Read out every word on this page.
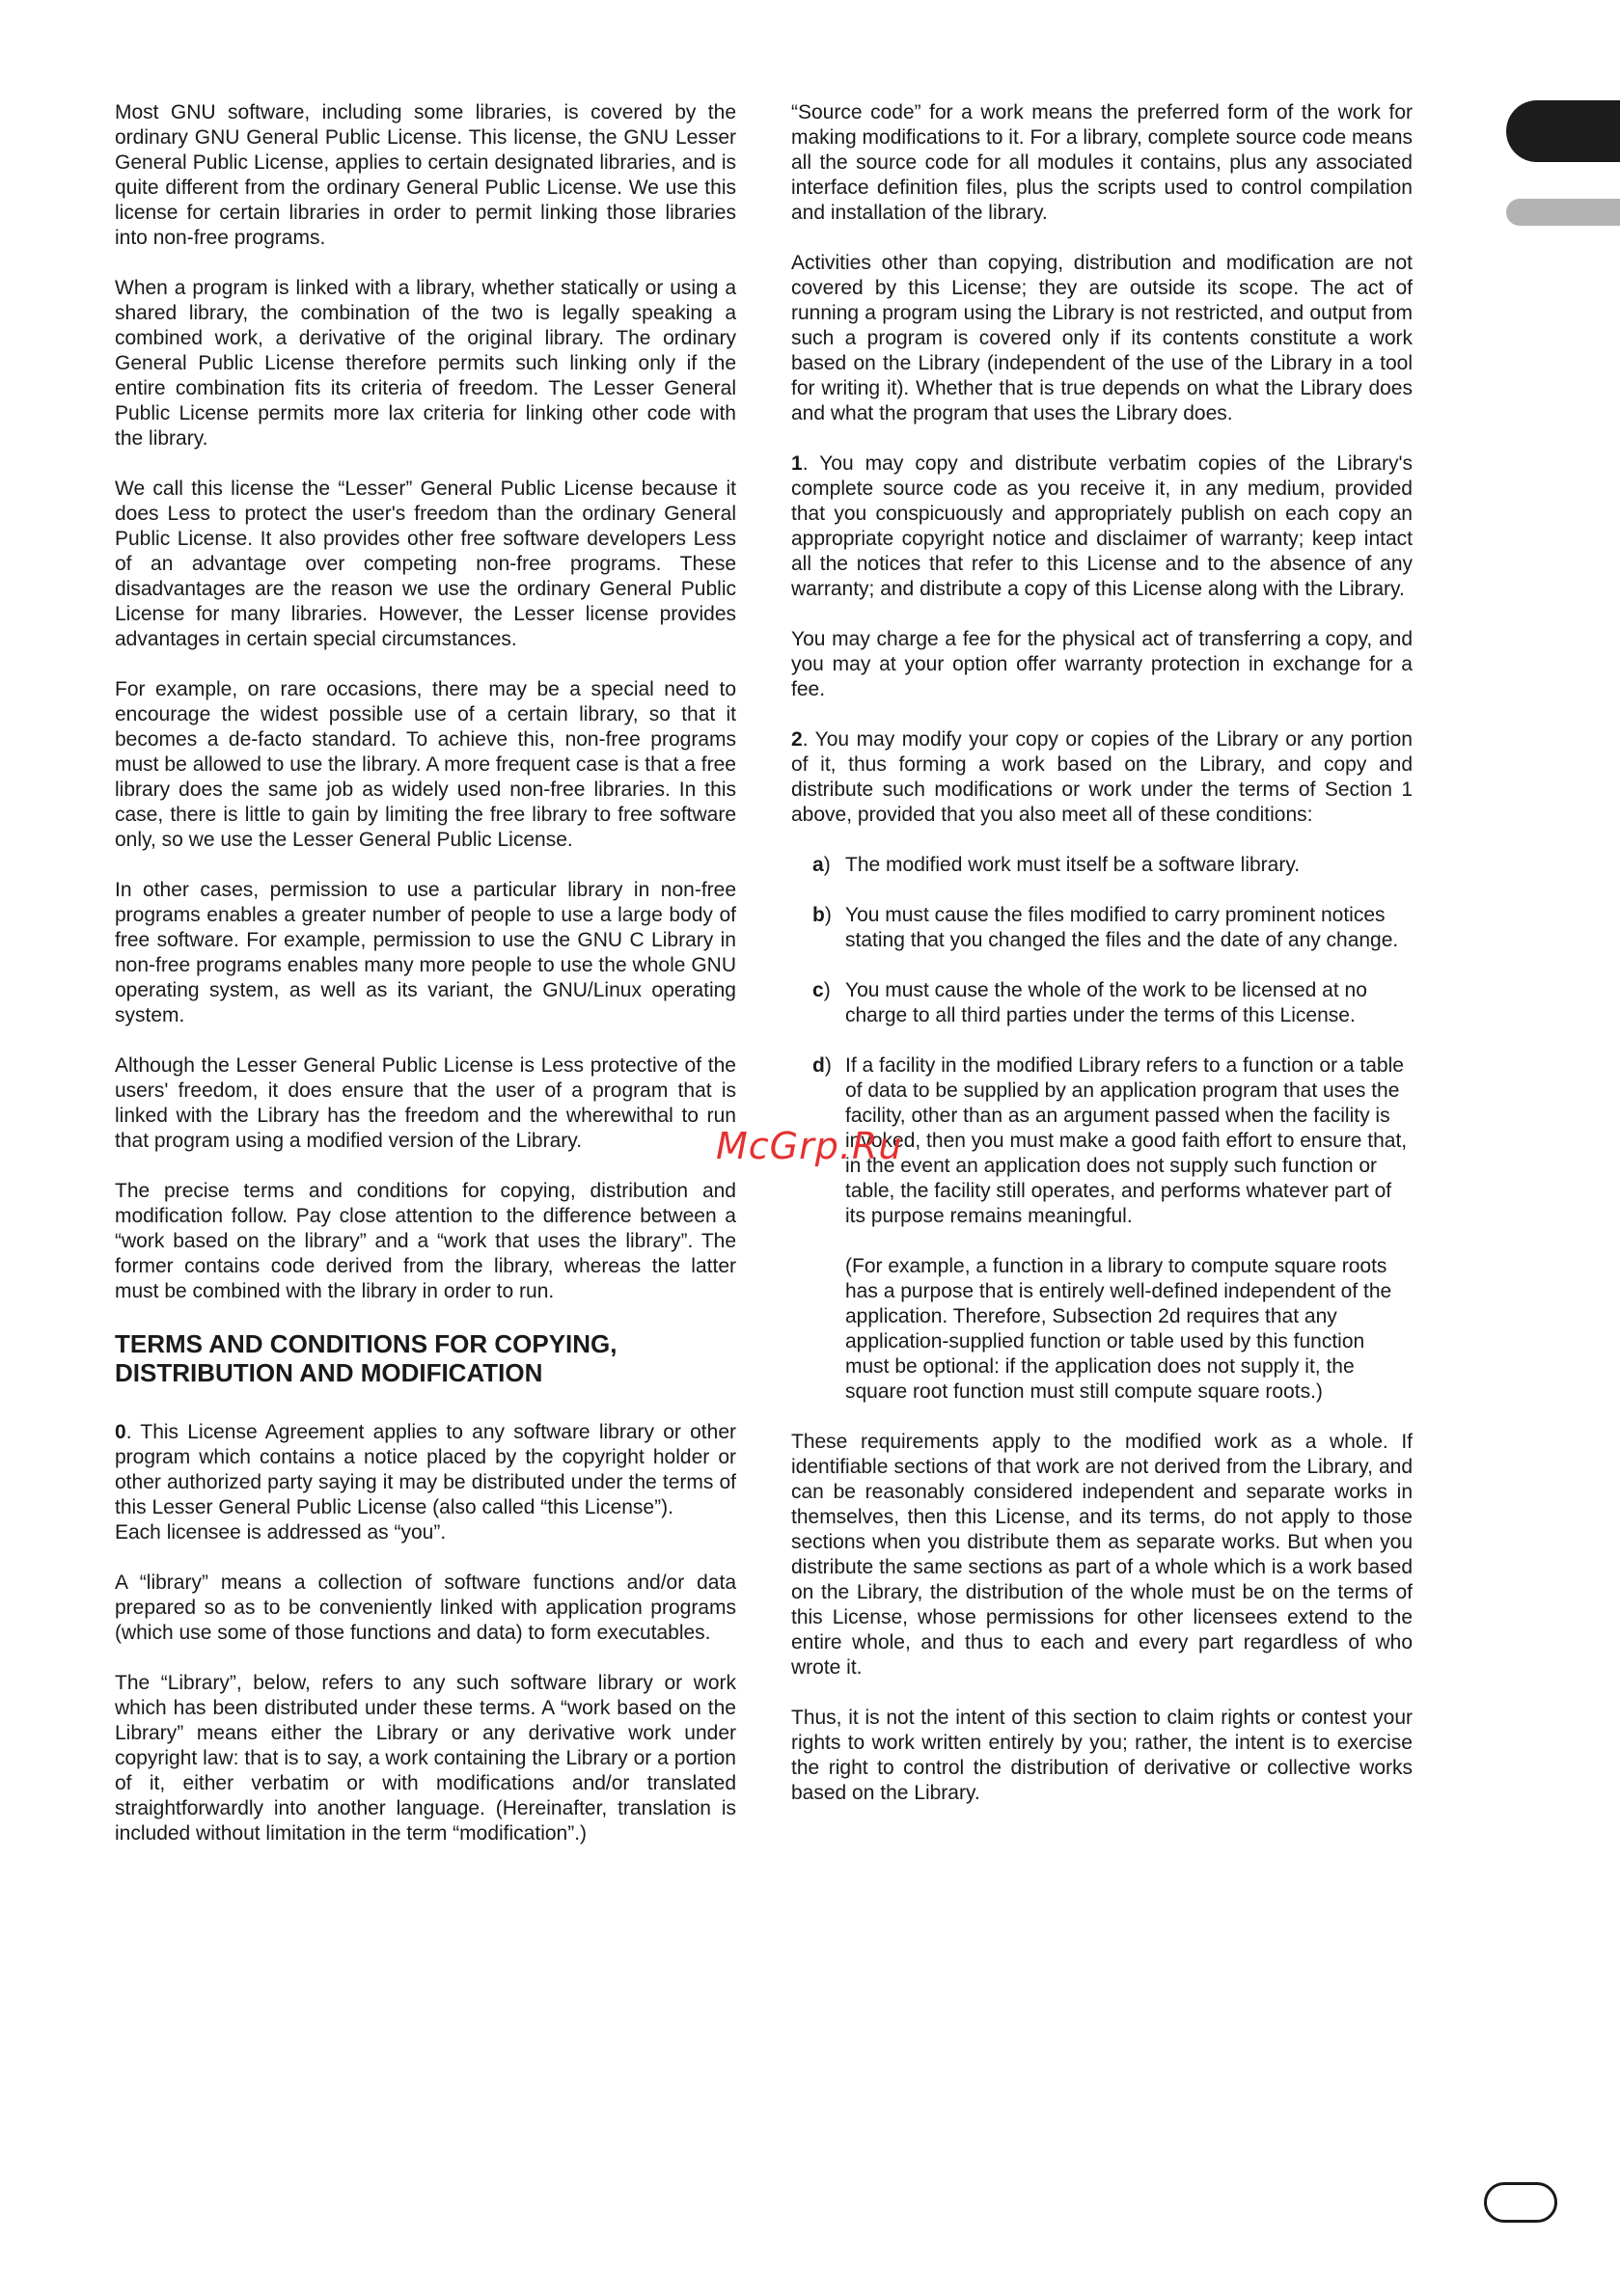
Most GNU software, including some libraries, is covered by the ordinary GNU General Public License. This license, the GNU Lesser General Public License, applies to certain designated libraries, and is quite different from the ordinary General Public License. We use this license for certain libraries in order to permit linking those libraries into non-free programs.

When a program is linked with a library, whether statically or using a shared library, the combination of the two is legally speaking a combined work, a derivative of the original library. The ordinary General Public License therefore permits such linking only if the entire combination fits its criteria of freedom. The Lesser General Public License permits more lax criteria for linking other code with the library.

We call this license the “Lesser” General Public License because it does Less to protect the user's freedom than the ordinary General Public License. It also provides other free software developers Less of an advantage over competing non-free programs. These disadvantages are the reason we use the ordinary General Public License for many libraries. However, the Lesser license provides advantages in certain special circumstances.

For example, on rare occasions, there may be a special need to encourage the widest possible use of a certain library, so that it becomes a de-facto standard. To achieve this, non-free programs must be allowed to use the library. A more frequent case is that a free library does the same job as widely used non-free libraries. In this case, there is little to gain by limiting the free library to free software only, so we use the Lesser General Public License.

In other cases, permission to use a particular library in non-free programs enables a greater number of people to use a large body of free software. For example, permission to use the GNU C Library in non-free programs enables many more people to use the whole GNU operating system, as well as its variant, the GNU/Linux operating system.

Although the Lesser General Public License is Less protective of the users' freedom, it does ensure that the user of a program that is linked with the Library has the freedom and the wherewithal to run that program using a modified version of the Library.

The precise terms and conditions for copying, distribution and modification follow. Pay close attention to the difference between a “work based on the library” and a “work that uses the library”. The former contains code derived from the library, whereas the latter must be combined with the library in order to run.

TERMS AND CONDITIONS FOR COPYING,
DISTRIBUTION AND MODIFICATION

0. This License Agreement applies to any software library or other program which contains a notice placed by the copyright holder or other authorized party saying it may be distributed under the terms of this Lesser General Public License (also called “this License”).

Each licensee is addressed as “you”.

A “library” means a collection of software functions and/or data prepared so as to be conveniently linked with application programs (which use some of those functions and data) to form executables.

The “Library”, below, refers to any such software library or work which has been distributed under these terms. A “work based on the Library” means either the Library or any derivative work under copyright law: that is to say, a work containing the Library or a portion of it, either verbatim or with modifications and/or translated straightforwardly into another language. (Hereinafter, translation is included without limitation in the term “modification”.)

“Source code” for a work means the preferred form of the work for making modifications to it. For a library, complete source code means all the source code for all modules it contains, plus any associated interface definition files, plus the scripts used to control compilation and installation of the library.

Activities other than copying, distribution and modification are not covered by this License; they are outside its scope. The act of running a program using the Library is not restricted, and output from such a program is covered only if its contents constitute a work based on the Library (independent of the use of the Library in a tool for writing it). Whether that is true depends on what the Library does and what the program that uses the Library does.

1. You may copy and distribute verbatim copies of the Library's complete source code as you receive it, in any medium, provided that you conspicuously and appropriately publish on each copy an appropriate copyright notice and disclaimer of warranty; keep intact all the notices that refer to this License and to the absence of any warranty; and distribute a copy of this License along with the Library.

You may charge a fee for the physical act of transferring a copy, and you may at your option offer warranty protection in exchange for a fee.

2. You may modify your copy or copies of the Library or any portion of it, thus forming a work based on the Library, and copy and distribute such modifications or work under the terms of Section 1 above, provided that you also meet all of these conditions:

a) The modified work must itself be a software library.
b) You must cause the files modified to carry prominent notices stating that you changed the files and the date of any change.
c) You must cause the whole of the work to be licensed at no charge to all third parties under the terms of this License.
d) If a facility in the modified Library refers to a function or a table of data to be supplied by an application program that uses the facility, other than as an argument passed when the facility is invoked, then you must make a good faith effort to ensure that, in the event an application does not supply such function or table, the facility still operates, and performs whatever part of its purpose remains meaningful.

(For example, a function in a library to compute square roots has a purpose that is entirely well-defined independent of the application. Therefore, Subsection 2d requires that any application-supplied function or table used by this function must be optional: if the application does not supply it, the square root function must still compute square roots.)

These requirements apply to the modified work as a whole. If identifiable sections of that work are not derived from the Library, and can be reasonably considered independent and separate works in themselves, then this License, and its terms, do not apply to those sections when you distribute them as separate works. But when you distribute the same sections as part of a whole which is a work based on the Library, the distribution of the whole must be on the terms of this License, whose permissions for other licensees extend to the entire whole, and thus to each and every part regardless of who wrote it.

Thus, it is not the intent of this section to claim rights or contest your rights to work written entirely by you; rather, the intent is to exercise the right to control the distribution of derivative or collective works based on the Library.

McGrp.Ru
